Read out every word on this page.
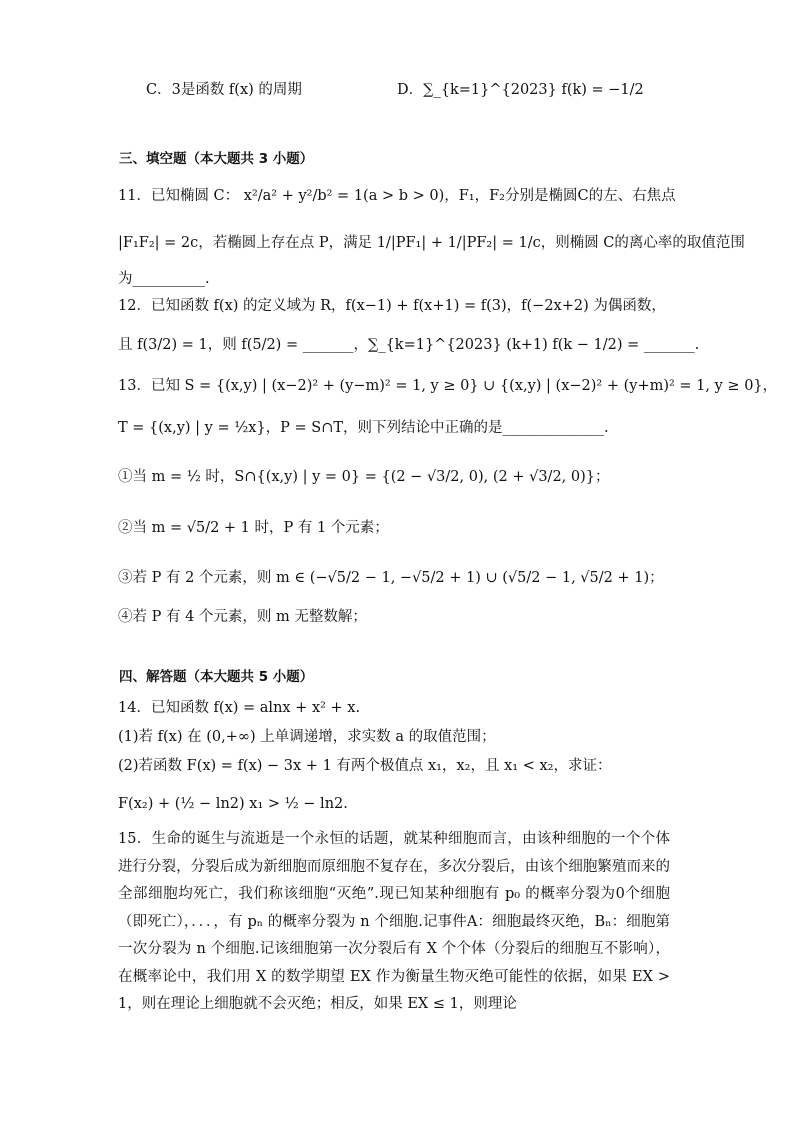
C．3是函数 f(x) 的周期	D．∑_{k=1}^{2023} f(k) = −1/2
三、填空题（本大题共 3 小题）
11．已知椭圆 C： x²/a² + y²/b² = 1(a > b > 0)，F₁，F₂分别是椭圆C的左、右焦点
|F₁F₂| = 2c，若椭圆上存在点 P，满足 1/|PF₁| + 1/|PF₂| = 1/c，则椭圆 C的离心率的取值范围
为__________.
12．已知函数 f(x) 的定义域为 R，f(x−1) + f(x+1) = f(3)，f(−2x+2) 为偶函数，
且 f(3/2) = 1，则 f(5/2) = _______，∑_{k=1}^{2023} (k+1) f(k − 1/2) = _______.
13．已知 S = {(x,y) | (x−2)² + (y−m)² = 1, y ≥ 0} ∪ {(x,y) | (x−2)² + (y+m)² = 1, y ≥ 0}，
T = {(x,y) | y = ½x}，P = S∩T，则下列结论中正确的是______________.
①当 m = ½ 时，S∩{(x,y) | y = 0} = {(2 − √3/2, 0), (2 + √3/2, 0)}；
②当 m = √5/2 + 1 时，P 有 1 个元素；
③若 P 有 2 个元素，则 m ∈ (−√5/2 − 1, −√5/2 + 1) ∪ (√5/2 − 1, √5/2 + 1)；
④若 P 有 4 个元素，则 m 无整数解；
四、解答题（本大题共 5 小题）
14．已知函数 f(x) = alnx + x² + x.
(1)若 f(x) 在 (0,+∞) 上单调递增，求实数 a 的取值范围；
(2)若函数 F(x) = f(x) − 3x + 1 有两个极值点 x₁，x₂，且 x₁ < x₂，求证：
F(x₂) + (½ − ln2) x₁ > ½ − ln2.
15．生命的诞生与流逝是一个永恒的话题，就某种细胞而言，由该种细胞的一个个体进行分裂，分裂后成为新细胞而原细胞不复存在，多次分裂后，由该个细胞繁殖而来的全部细胞均死亡，我们称该细胞“灭绝”.现已知某种细胞有 p₀ 的概率分裂为0个细胞（即死亡），．．．，有 pₙ 的概率分裂为 n 个细胞.记事件A：细胞最终灭绝，Bₙ：细胞第一次分裂为 n 个细胞.记该细胞第一次分裂后有 X 个个体（分裂后的细胞互不影响），在概率论中，我们用 X 的数学期望 EX 作为衡量生物灭绝可能性的依据，如果 EX > 1，则在理论上细胞就不会灭绝；相反，如果 EX ≤ 1，则理论
